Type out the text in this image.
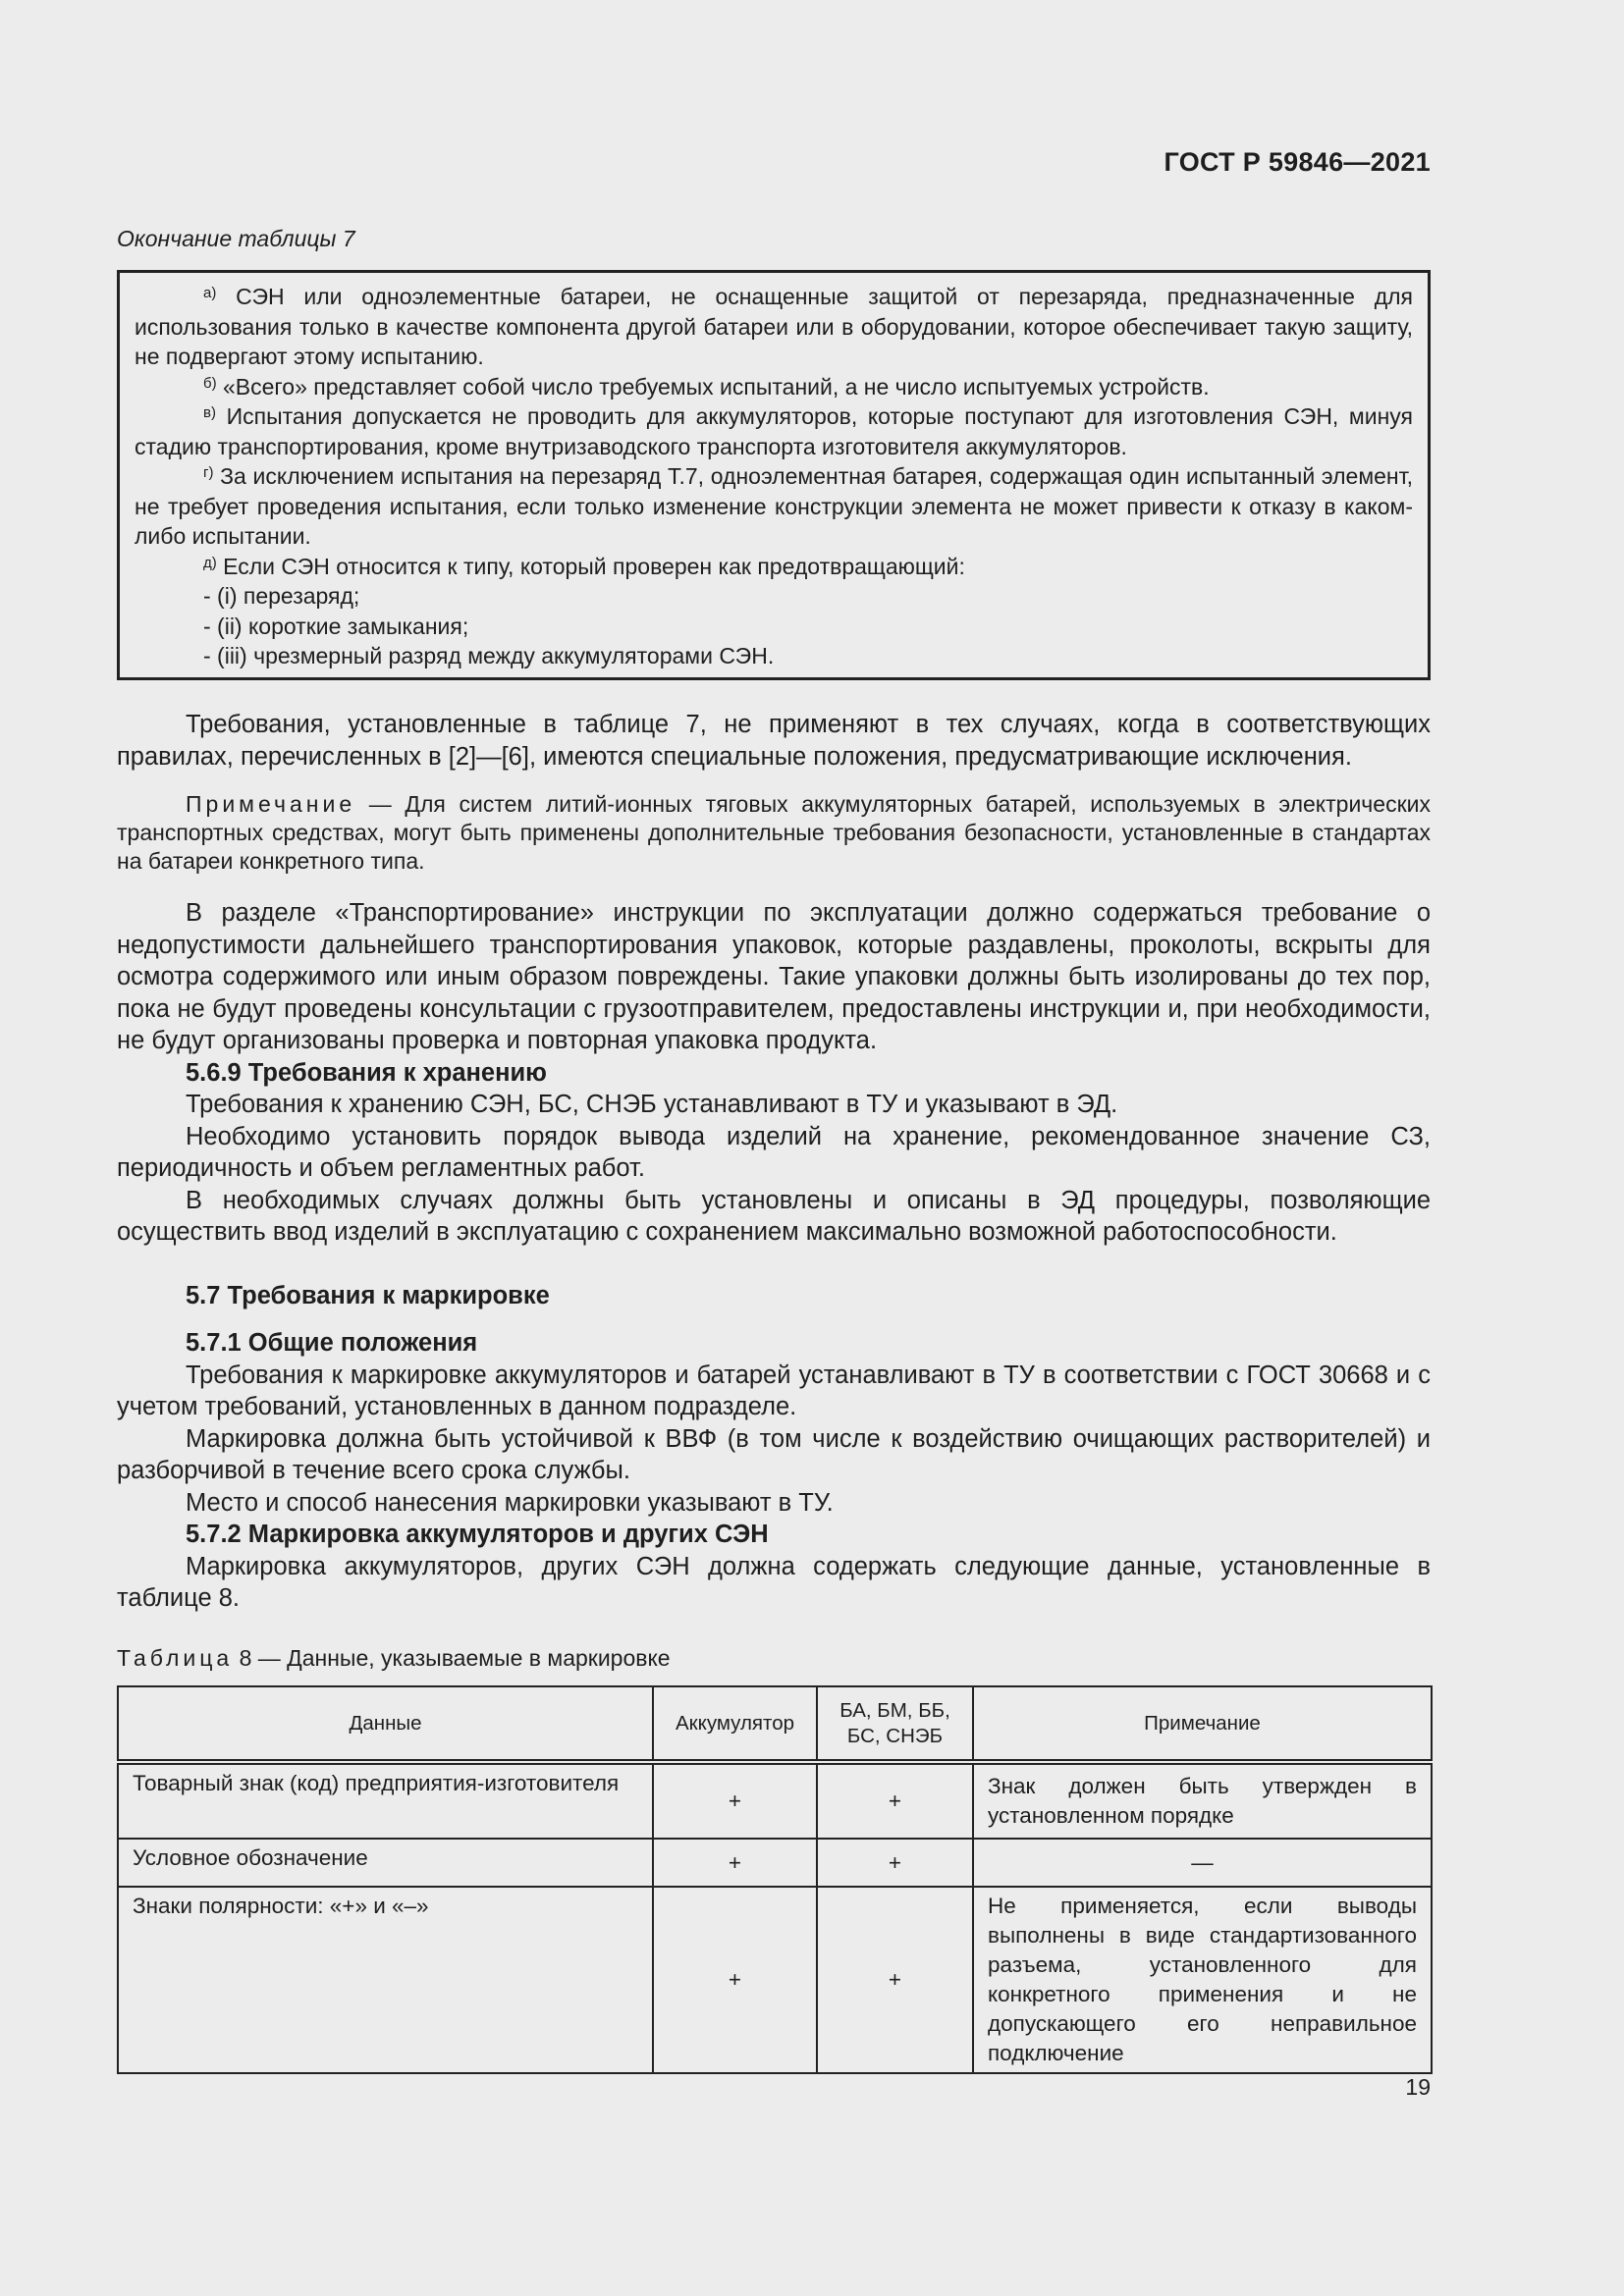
ГОСТ Р 59846—2021
Окончание таблицы 7

$^{а)}$ СЭН или одноэлементные батареи, не оснащенные защитой от перезаряда, предназначенные для использования только в качестве компонента другой батареи или в оборудовании, которое обеспечивает такую защиту, не подвергают этому испытанию.

$^{б)}$ «Всего» представляет собой число требуемых испытаний, а не число испытуемых устройств.

$^{в)}$ Испытания допускается не проводить для аккумуляторов, которые поступают для изготовления СЭН, минуя стадию транспортирования, кроме внутризаводского транспорта изготовителя аккумуляторов.

$^{г)}$ За исключением испытания на перезаряд Т.7, одноэлементная батарея, содержащая один испытанный элемент, не требует проведения испытания, если только изменение конструкции элемента не может привести к отказу в каком-либо испытании.

$^{д)}$ Если СЭН относится к типу, который проверен как предотвращающий:

- (i) перезаряд;

- (ii) короткие замыкания;

- (iii) чрезмерный разряд между аккумуляторами СЭН.

Требования, установленные в таблице 7, не применяют в тех случаях, когда в соответствующих правилах, перечисленных в [2]—[6], имеются специальные положения, предусматривающие исключения.

Примечание — Для систем литий-ионных тяговых аккумуляторных батарей, используемых в электрических транспортных средствах, могут быть применены дополнительные требования безопасности, установленные в стандартах на батареи конкретного типа.

В разделе «Транспортирование» инструкции по эксплуатации должно содержаться требование о недопустимости дальнейшего транспортирования упаковок, которые раздавлены, проколоты, вскрыты для осмотра содержимого или иным образом повреждены. Такие упаковки должны быть изолированы до тех пор, пока не будут проведены консультации с грузоотправителем, предоставлены инструкции и, при необходимости, не будут организованы проверка и повторная упаковка продукта.

5.6.9 Требования к хранению

Требования к хранению СЭН, БС, СНЭБ устанавливают в ТУ и указывают в ЭД.

Необходимо установить порядок вывода изделий на хранение, рекомендованное значение СЗ, периодичность и объем регламентных работ.

В необходимых случаях должны быть установлены и описаны в ЭД процедуры, позволяющие осуществить ввод изделий в эксплуатацию с сохранением максимально возможной работоспособности.

5.7 Требования к маркировке

5.7.1 Общие положения

Требования к маркировке аккумуляторов и батарей устанавливают в ТУ в соответствии с ГОСТ 30668 и с учетом требований, установленных в данном подразделе.

Маркировка должна быть устойчивой к ВВФ (в том числе к воздействию очищающих растворителей) и разборчивой в течение всего срока службы.

Место и способ нанесения маркировки указывают в ТУ.

5.7.2 Маркировка аккумуляторов и других СЭН

Маркировка аккумуляторов, других СЭН должна содержать следующие данные, установленные в таблице 8.

Таблица 8 — Данные, указываемые в маркировке
Данные	Аккумулятор	БА, БМ, ББ, БС, СНЭБ	Примечание
Товарный знак (код) предприятия-изготовителя	+	+	Знак должен быть утвержден в установленном порядке
Условное обозначение	+	+	—
Знаки полярности: «+» и «–»	+	+	Не применяется, если выводы выполнены в виде стандартизованного разъема, установленного для конкретного применения и не допускающего его неправильное подключение
19
